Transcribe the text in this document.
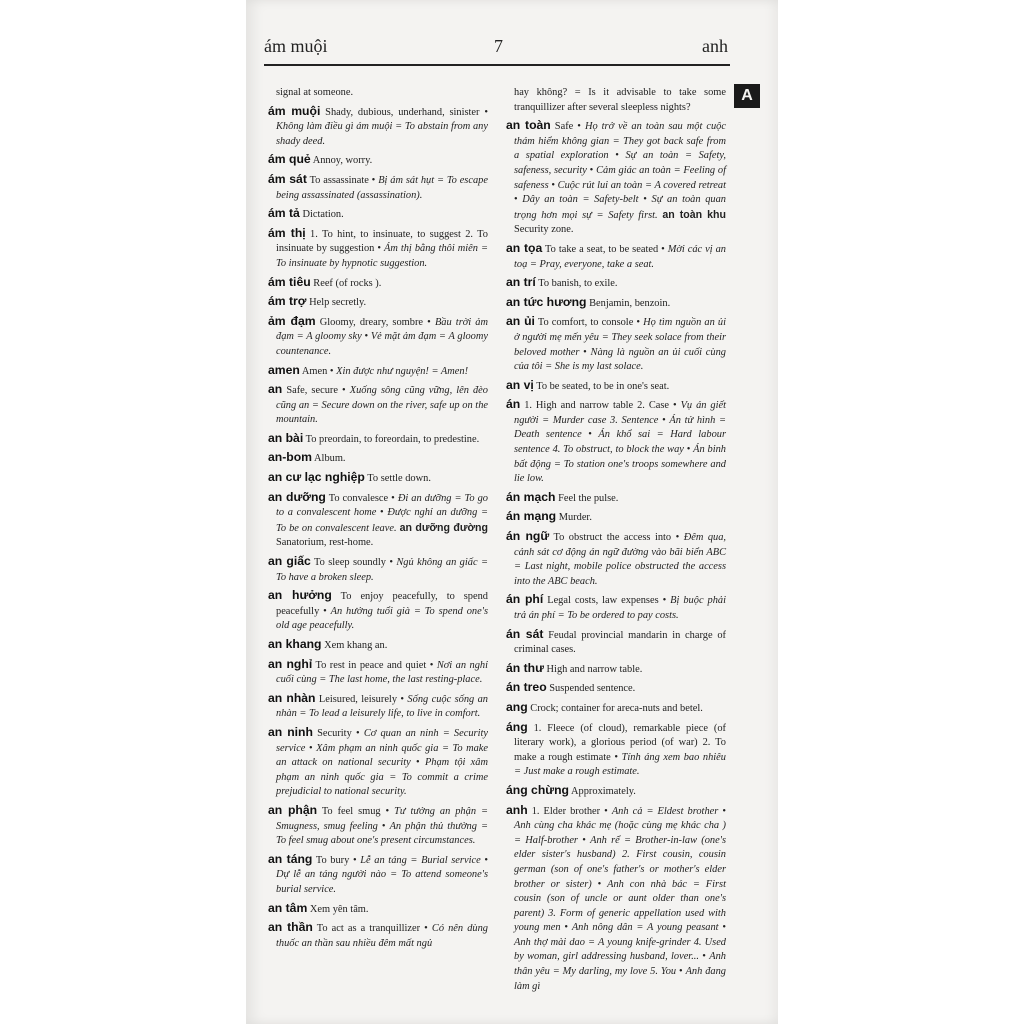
ám muội	7	anh
A
signal at someone.
ám muội Shady, dubious, underhand, sinister • Không làm điều gì ám muội = To abstain from any shady deed.
ám quẻ Annoy, worry.
ám sát To assassinate • Bị ám sát hụt = To escape being assassinated (assassination).
ám tả Dictation.
ám thị 1. To hint, to insinuate, to suggest 2. To insinuate by suggestion • Ám thị bằng thôi miên = To insinuate by hypnotic suggestion.
ám tiêu Reef (of rocks ).
ám trợ Help secretly.
ảm đạm Gloomy, dreary, sombre • Bầu trời ảm đạm = A gloomy sky • Vẻ mặt ảm đạm = A gloomy countenance.
amen Amen • Xin được như nguyện! = Amen!
an Safe, secure • Xuống sông cũng vững, lên đèo cũng an = Secure down on the river, safe up on the mountain.
an bài To preordain, to foreordain, to predestine.
an-bom Album.
an cư lạc nghiệp To settle down.
an dưỡng To convalesce • Đi an dưỡng = To go to a convalescent home • Được nghỉ an dưỡng = To be on convalescent leave. an dưỡng đường Sanatorium, rest-home.
an giấc To sleep soundly • Ngủ không an giấc = To have a broken sleep.
an hưởng To enjoy peacefully, to spend peacefully • An hưởng tuổi già = To spend one's old age peacefully.
an khang Xem khang an.
an nghỉ To rest in peace and quiet • Nơi an nghỉ cuối cùng = The last home, the last resting-place.
an nhàn Leisured, leisurely • Sống cuộc sống an nhàn = To lead a leisurely life, to live in comfort.
an ninh Security • Cơ quan an ninh = Security service • Xâm phạm an ninh quốc gia = To make an attack on national security • Phạm tội xâm phạm an ninh quốc gia = To commit a crime prejudicial to national security.
an phận To feel smug • Tư tưởng an phận = Smugness, smug feeling • An phận thủ thường = To feel smug about one's present circumstances.
an táng To bury • Lễ an táng = Burial service • Dự lễ an táng người nào = To attend someone's burial service.
an tâm Xem yên tâm.
an thần To act as a tranquillizer • Có nên dùng thuốc an thần sau nhiều đêm mất ngủ
hay không? = Is it advisable to take some tranquillizer after several sleepless nights?
an toàn Safe • Họ trở về an toàn sau một cuộc thám hiểm không gian = They got back safe from a spatial exploration • Sự an toàn = Safety, safeness, security • Cảm giác an toàn = Feeling of safeness • Cuộc rút lui an toàn = A covered retreat • Dây an toàn = Safety-belt • Sự an toàn quan trọng hơn mọi sự = Safety first. an toàn khu Security zone.
an tọa To take a seat, to be seated • Mời các vị an toạ = Pray, everyone, take a seat.
an trí To banish, to exile.
an tức hương Benjamin, benzoin.
an ủi To comfort, to console • Họ tìm nguồn an ủi ở người mẹ mến yêu = They seek solace from their beloved mother • Nàng là nguồn an ủi cuối cùng của tôi = She is my last solace.
an vị To be seated, to be in one's seat.
án 1. High and narrow table 2. Case • Vụ án giết người = Murder case 3. Sentence • Án tử hình = Death sentence • Án khổ sai = Hard labour sentence 4. To obstruct, to block the way • Án binh bất động = To station one's troops somewhere and lie low.
án mạch Feel the pulse.
án mạng Murder.
án ngữ To obstruct the access into • Đêm qua, cảnh sát cơ động án ngữ đường vào bãi biển ABC = Last night, mobile police obstructed the access into the ABC beach.
án phí Legal costs, law expenses • Bị buộc phải trả án phí = To be ordered to pay costs.
án sát Feudal provincial mandarin in charge of criminal cases.
án thư High and narrow table.
án treo Suspended sentence.
ang Crock; container for areca-nuts and betel.
áng 1. Fleece (of cloud), remarkable piece (of literary work), a glorious period (of war) 2. To make a rough estimate • Tính áng xem bao nhiêu = Just make a rough estimate.
áng chừng Approximately.
anh 1. Elder brother • Anh cả = Eldest brother • Anh cùng cha khác mẹ (hoặc cùng mẹ khác cha ) = Half-brother • Anh rể = Brother-in-law (one's elder sister's husband) 2. First cousin, cousin german (son of one's father's or mother's elder brother or sister) • Anh con nhà bác = First cousin (son of uncle or aunt older than one's parent) 3. Form of generic appellation used with young men • Anh nông dân = A young peasant • Anh thợ mài dao = A young knife-grinder 4. Used by woman, girl addressing husband, lover... • Anh thân yêu = My darling, my love 5. You • Anh đang làm gì
